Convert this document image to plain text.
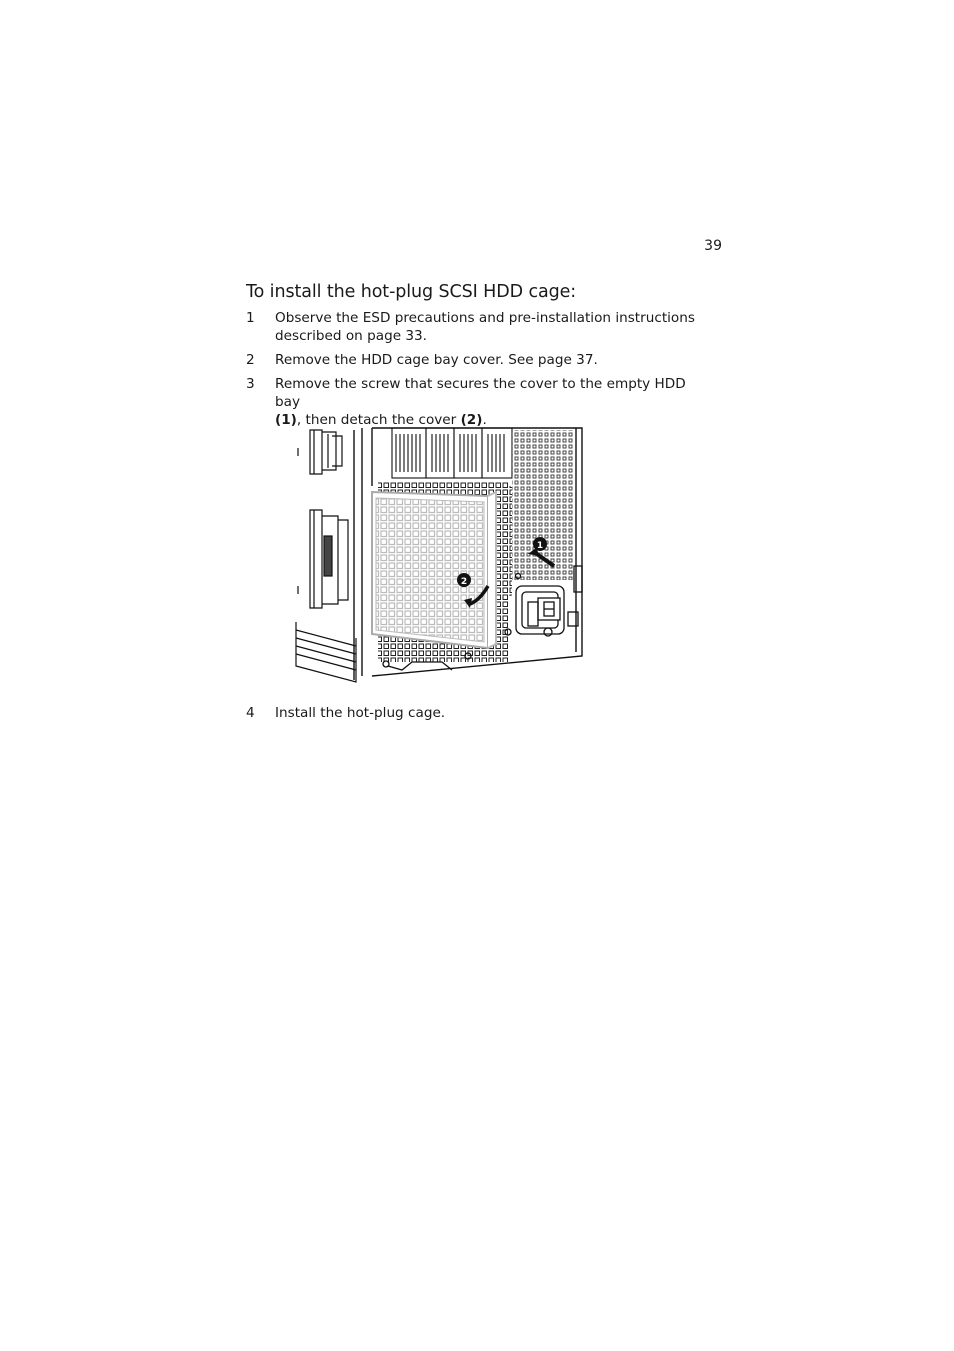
39
To install the hot-plug SCSI HDD cage:
1 Observe the ESD precautions and pre-installation instructions
described on page 33.
2 Remove the HDD cage bay cover. See page 37.
3 Remove the screw that secures the cover to the empty HDD bay
(1), then detach the cover (2).
1
2
4 Install the hot-plug cage.
